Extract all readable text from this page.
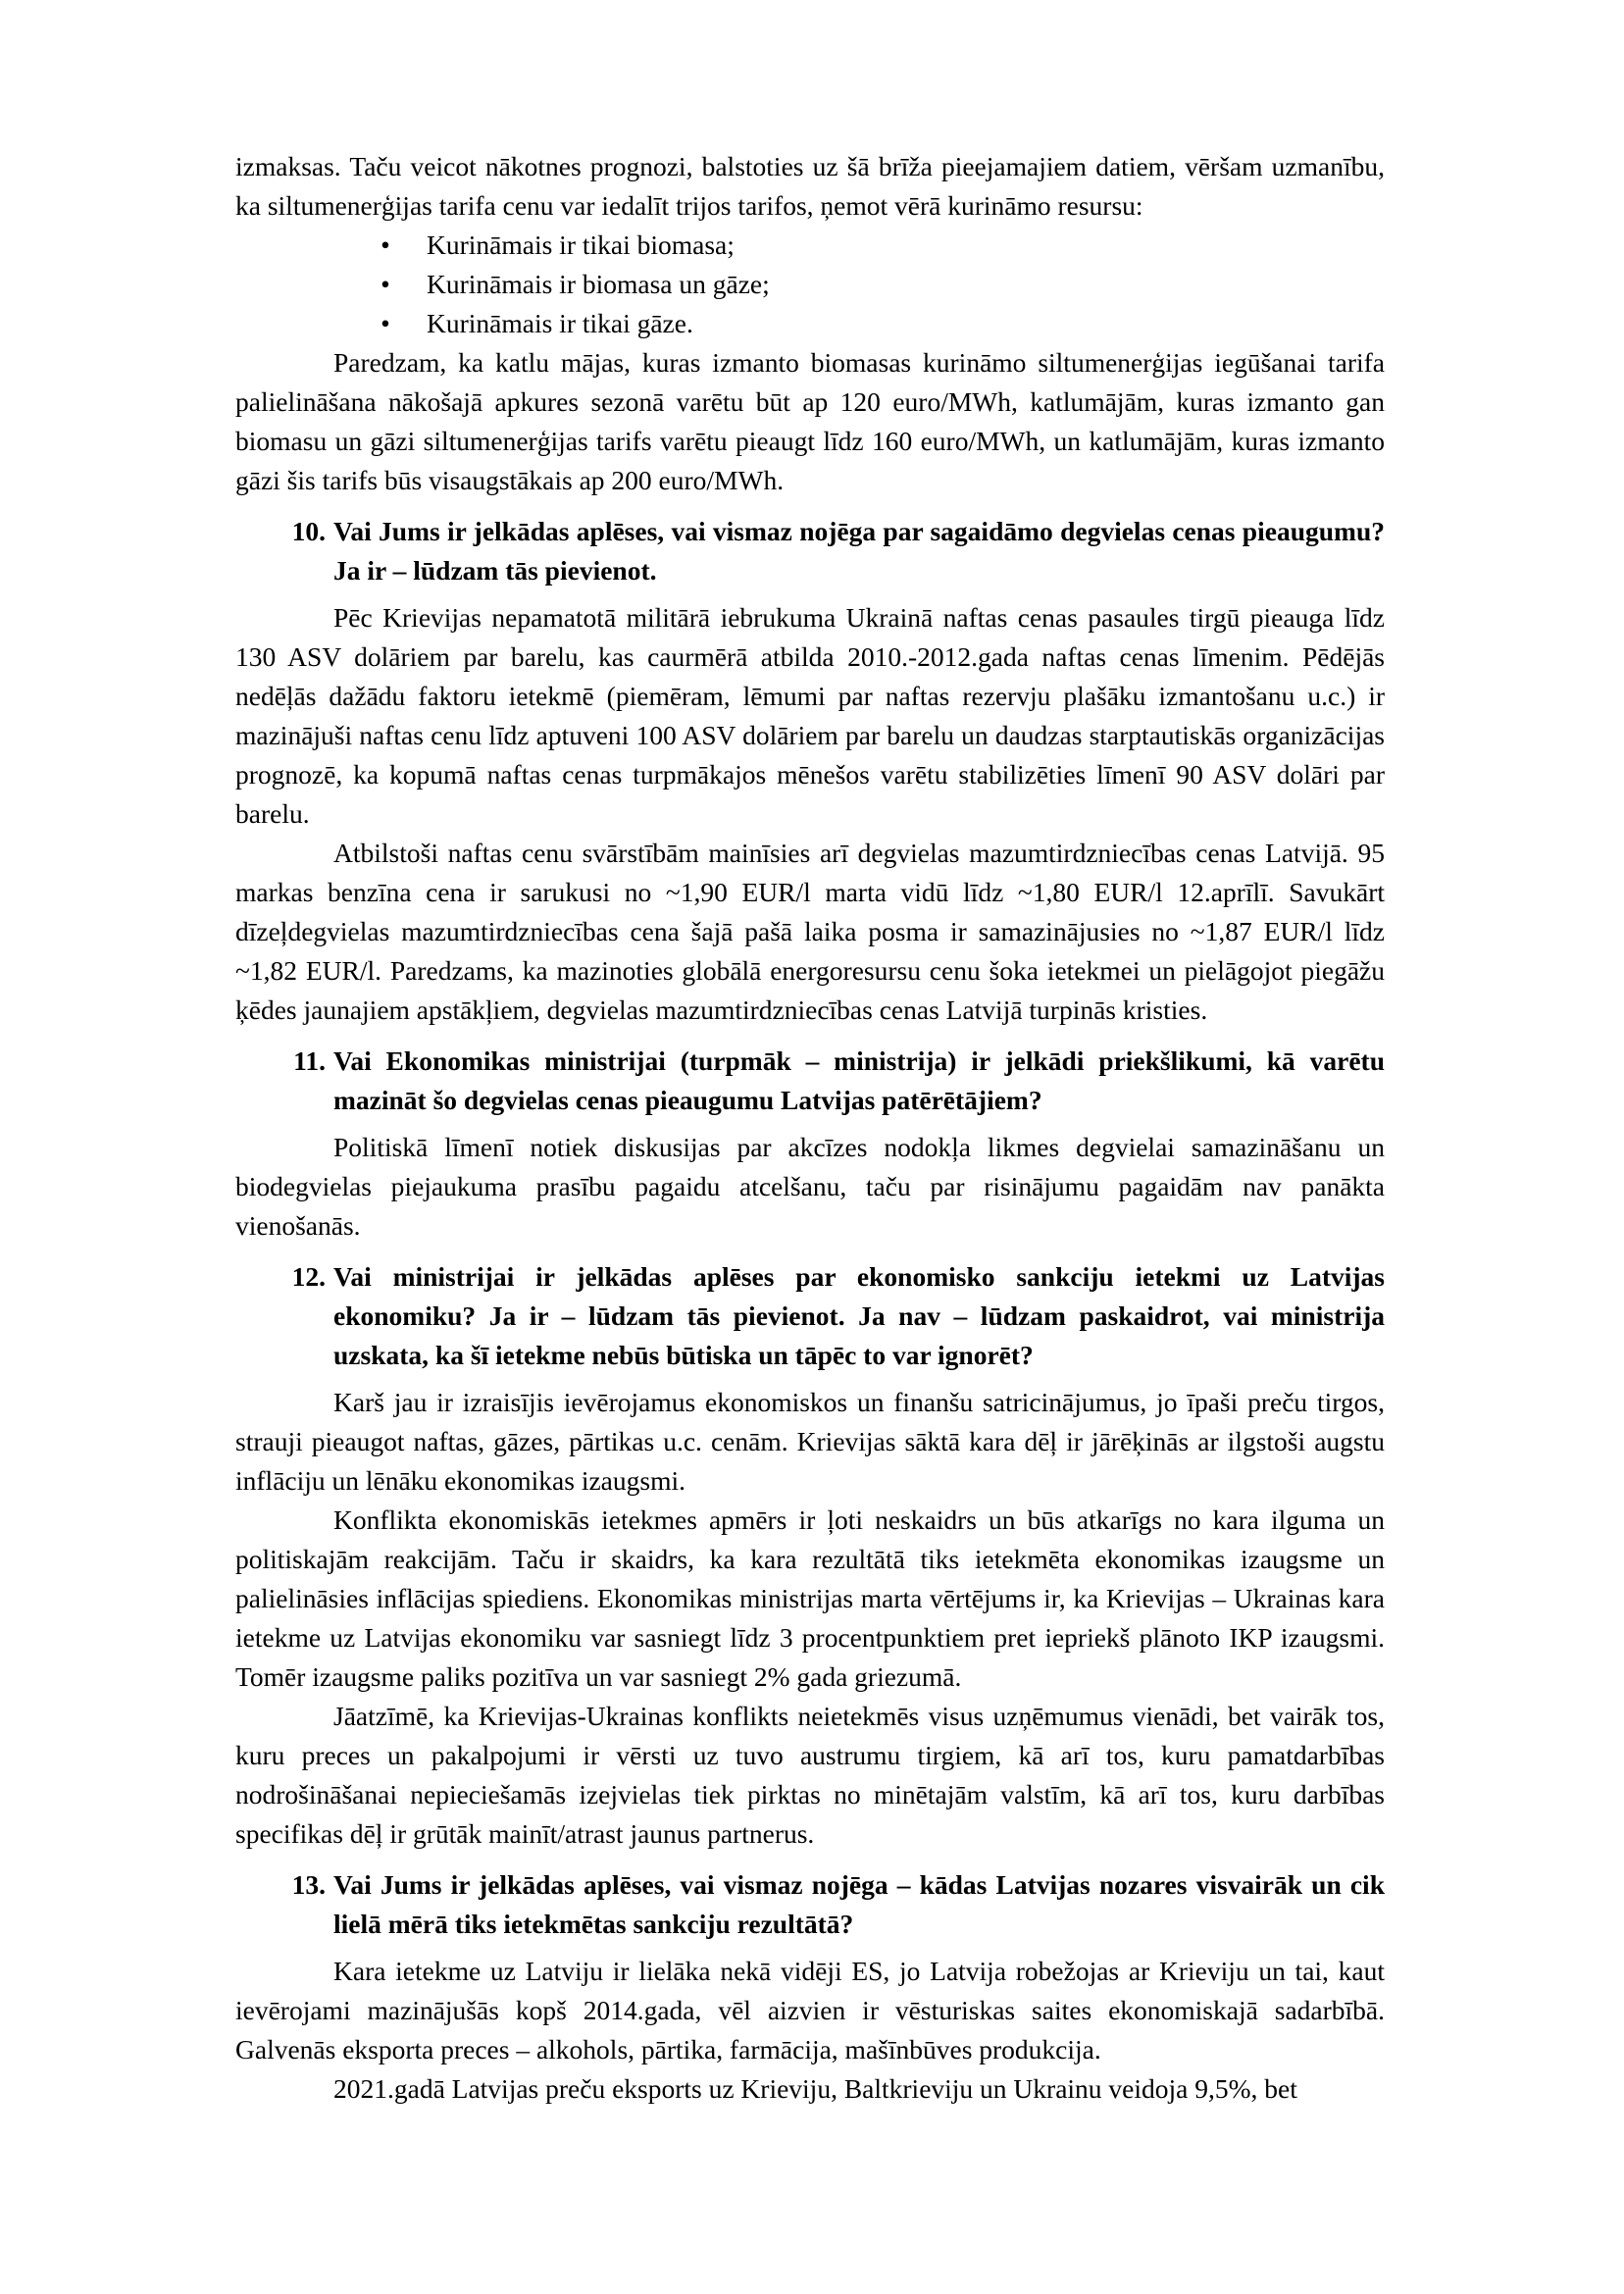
izmaksas. Taču veicot nākotnes prognozi, balstoties uz šā brīža pieejamajiem datiem, vēršam uzmanību, ka siltumenerģijas tarifa cenu var iedalīt trijos tarifos, ņemot vērā kurināmo resursu:

• Kurināmais ir tikai biomasa;
• Kurināmais ir biomasa un gāze;
• Kurināmais ir tikai gāze.

Paredzam, ka katlu mājas, kuras izmanto biomasas kurināmo siltumenerģijas iegūšanai tarifa palielināšana nākošajā apkures sezonā varētu būt ap 120 euro/MWh, katlumājām, kuras izmanto gan biomasu un gāzi siltumenerģijas tarifs varētu pieaugt līdz 160 euro/MWh, un katlumājām, kuras izmanto gāzi šis tarifs būs visaugstākais ap 200 euro/MWh.

10. Vai Jums ir jelkādas aplēses, vai vismaz nojēga par sagaidāmo degvielas cenas pieaugumu? Ja ir – lūdzam tās pievienot.

Pēc Krievijas nepamatotā militārā iebrukuma Ukrainā naftas cenas pasaules tirgū pieauga līdz 130 ASV dolāriem par barelu, kas caurmērā atbilda 2010.-2012.gada naftas cenas līmenim. Pēdējās nedēļās dažādu faktoru ietekmē (piemēram, lēmumi par naftas rezervju plašāku izmantošanu u.c.) ir mazinājuši naftas cenu līdz aptuveni 100 ASV dolāriem par barelu un daudzas starptautiskās organizācijas prognozē, ka kopumā naftas cenas turpmākajos mēnešos varētu stabilizēties līmenī 90 ASV dolāri par barelu.

Atbilstoši naftas cenu svārstībām mainīsies arī degvielas mazumtirdzniecības cenas Latvijā. 95 markas benzīna cena ir sarukusi no ~1,90 EUR/l marta vidū līdz ~1,80 EUR/l 12.aprīlī. Savukārt dīzeļdegvielas mazumtirdzniecības cena šajā pašā laika posma ir samazinājusies no ~1,87 EUR/l līdz ~1,82 EUR/l. Paredzams, ka mazinoties globālā energoresursu cenu šoka ietekmei un pielāgojot piegāžu ķēdes jaunajiem apstākļiem, degvielas mazumtirdzniecības cenas Latvijā turpinās kristies.

11. Vai Ekonomikas ministrijai (turpmāk – ministrija) ir jelkādi priekšlikumi, kā varētu mazināt šo degvielas cenas pieaugumu Latvijas patērētājiem?

Politiskā līmenī notiek diskusijas par akcīzes nodokļa likmes degvielai samazināšanu un biodegvielas piejaukuma prasību pagaidu atcelšanu, taču par risinājumu pagaidām nav panākta vienošanās.

12. Vai ministrijai ir jelkādas aplēses par ekonomisko sankciju ietekmi uz Latvijas ekonomiku? Ja ir – lūdzam tās pievienot. Ja nav – lūdzam paskaidrot, vai ministrija uzskata, ka šī ietekme nebūs būtiska un tāpēc to var ignorēt?

Karš jau ir izraisījis ievērojamus ekonomiskos un finanšu satricinājumus, jo īpaši preču tirgos, strauji pieaugot naftas, gāzes, pārtikas u.c. cenām. Krievijas sāktā kara dēļ ir jārēķinās ar ilgstoši augstu inflāciju un lēnāku ekonomikas izaugsmi.

Konflikta ekonomiskās ietekmes apmērs ir ļoti neskaidrs un būs atkarīgs no kara ilguma un politiskajām reakcijām. Taču ir skaidrs, ka kara rezultātā tiks ietekmēta ekonomikas izaugsme un palielināsies inflācijas spiediens. Ekonomikas ministrijas marta vērtējums ir, ka Krievijas – Ukrainas kara ietekme uz Latvijas ekonomiku var sasniegt līdz 3 procentpunktiem pret iepriekš plānoto IKP izaugsmi. Tomēr izaugsme paliks pozitīva un var sasniegt 2% gada griezumā.

Jāatzīmē, ka Krievijas-Ukrainas konflikts neietekmēs visus uzņēmumus vienādi, bet vairāk tos, kuru preces un pakalpojumi ir vērsti uz tuvo austrumu tirgiem, kā arī tos, kuru pamatdarbības nodrošināšanai nepieciešamās izejvielas tiek pirktas no minētajām valstīm, kā arī tos, kuru darbības specifikas dēļ ir grūtāk mainīt/atrast jaunus partnerus.

13. Vai Jums ir jelkādas aplēses, vai vismaz nojēga – kādas Latvijas nozares visvairāk un cik lielā mērā tiks ietekmētas sankciju rezultātā?

Kara ietekme uz Latviju ir lielāka nekā vidēji ES, jo Latvija robežojas ar Krieviju un tai, kaut ievērojami mazinājušās kopš 2014.gada, vēl aizvien ir vēsturiskas saites ekonomiskajā sadarbībā. Galvenās eksporta preces – alkohols, pārtika, farmācija, mašīnbūves produkcija.

2021.gadā Latvijas preču eksports uz Krieviju, Baltkrieviju un Ukrainu veidoja 9,5%, bet
